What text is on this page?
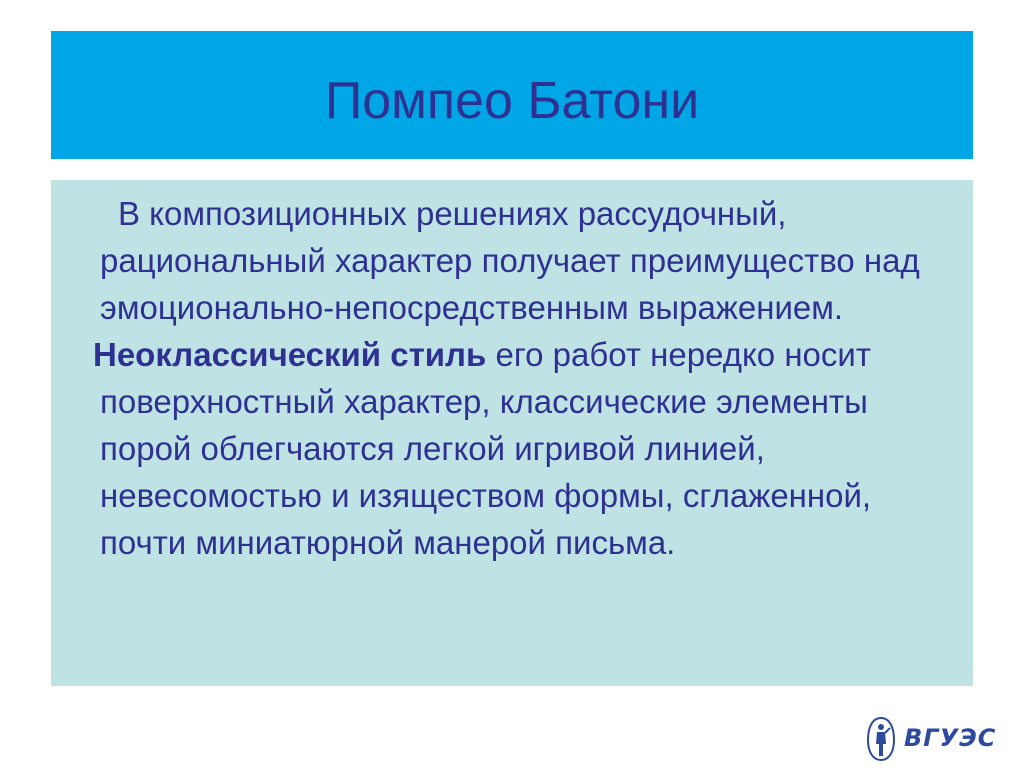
Помпео Батони
В композиционных решениях рассудочный, рациональный характер получает преимущество над эмоционально-непосредственным выражением.
Неоклассический стиль его работ нередко носит поверхностный характер, классические элементы порой облегчаются легкой игривой линией, невесомостью и изяществом формы, сглаженной, почти миниатюрной манерой письма.
ВГУЭС
